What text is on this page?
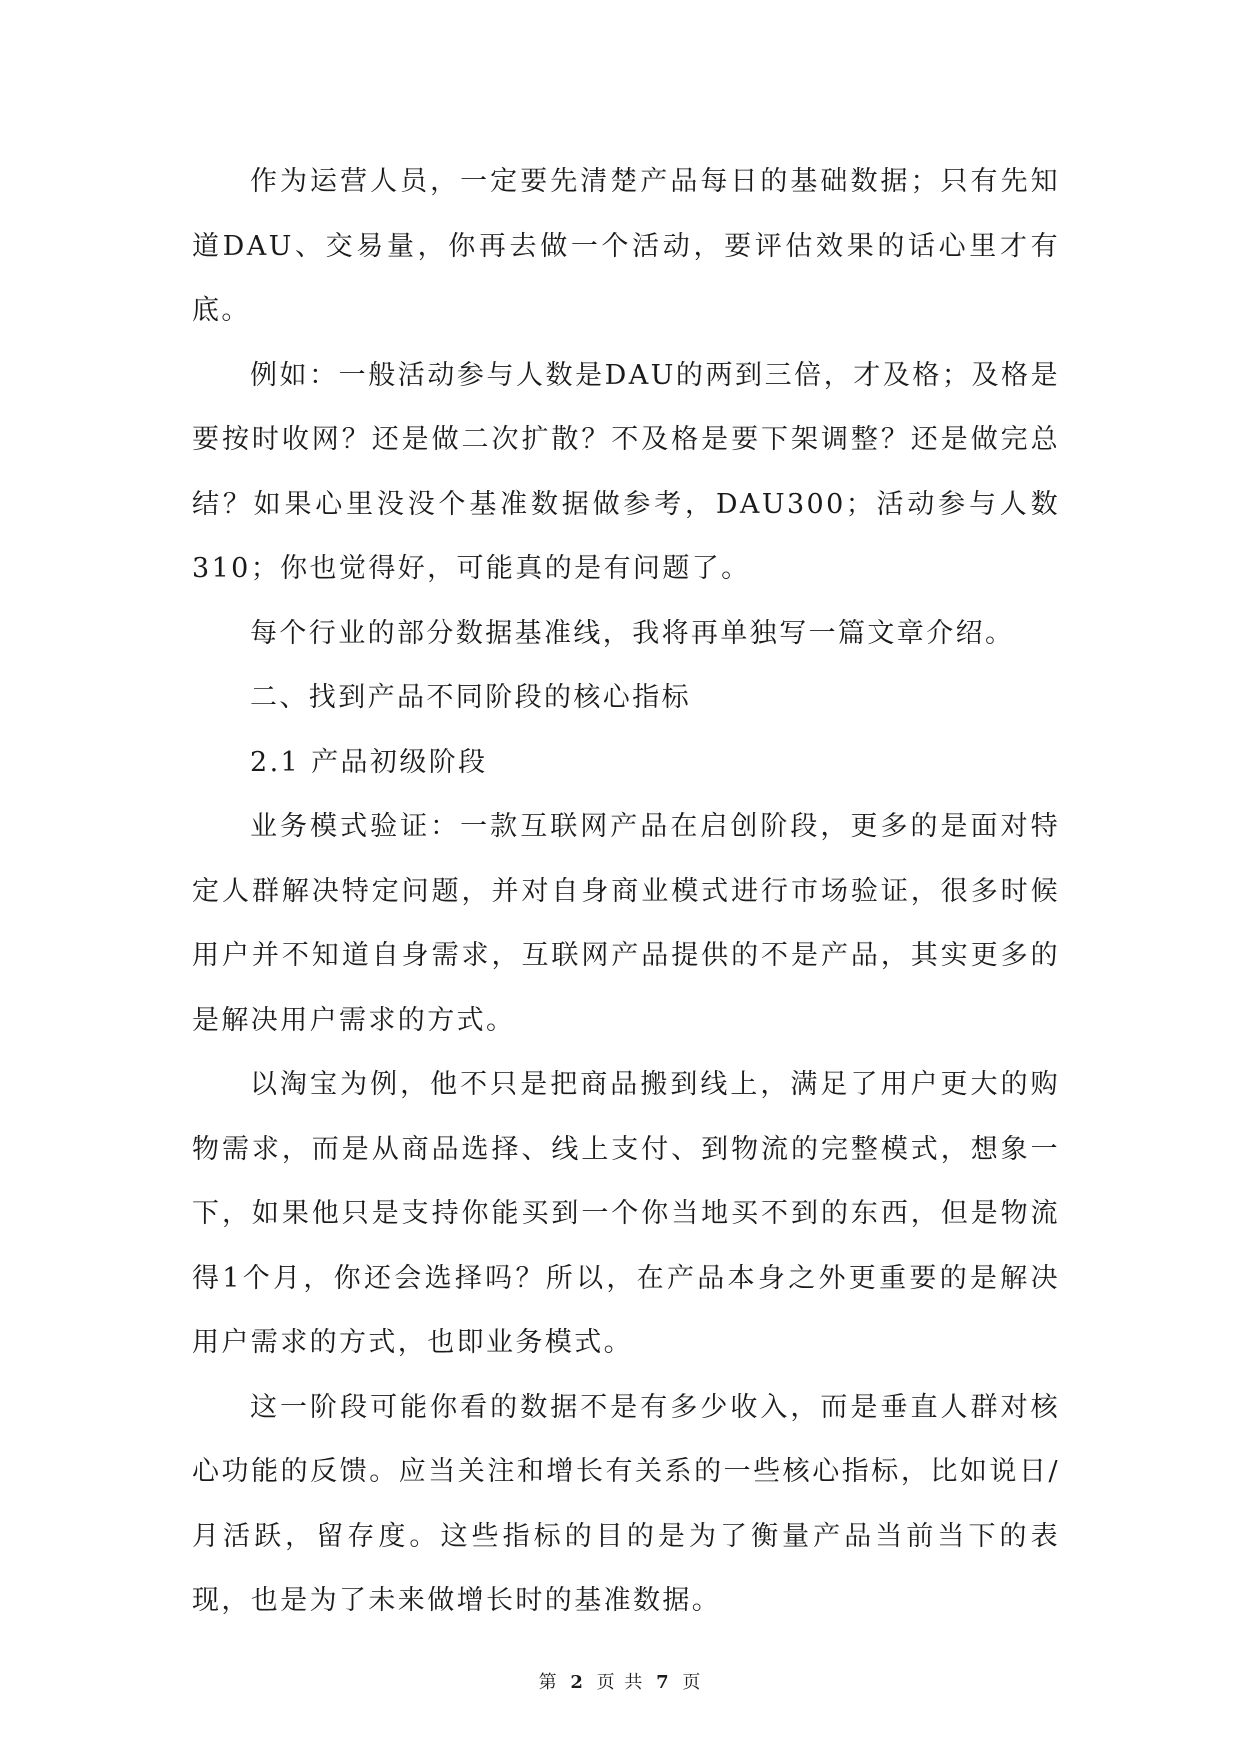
作为运营人员，一定要先清楚产品每日的基础数据；只有先知道DAU、交易量，你再去做一个活动，要评估效果的话心里才有底。

例如：一般活动参与人数是DAU的两到三倍，才及格；及格是要按时收网？还是做二次扩散？不及格是要下架调整？还是做完总结？如果心里没没个基准数据做参考，DAU300；活动参与人数310；你也觉得好，可能真的是有问题了。

每个行业的部分数据基准线，我将再单独写一篇文章介绍。

二、找到产品不同阶段的核心指标

2.1 产品初级阶段

业务模式验证：一款互联网产品在启创阶段，更多的是面对特定人群解决特定问题，并对自身商业模式进行市场验证，很多时候用户并不知道自身需求，互联网产品提供的不是产品，其实更多的是解决用户需求的方式。

以淘宝为例，他不只是把商品搬到线上，满足了用户更大的购物需求，而是从商品选择、线上支付、到物流的完整模式，想象一下，如果他只是支持你能买到一个你当地买不到的东西，但是物流得1个月，你还会选择吗？所以，在产品本身之外更重要的是解决用户需求的方式，也即业务模式。

这一阶段可能你看的数据不是有多少收入，而是垂直人群对核心功能的反馈。应当关注和增长有关系的一些核心指标，比如说日/月活跃，留存度。这些指标的目的是为了衡量产品当前当下的表现，也是为了未来做增长时的基准数据。

第 2 页 共 7 页
